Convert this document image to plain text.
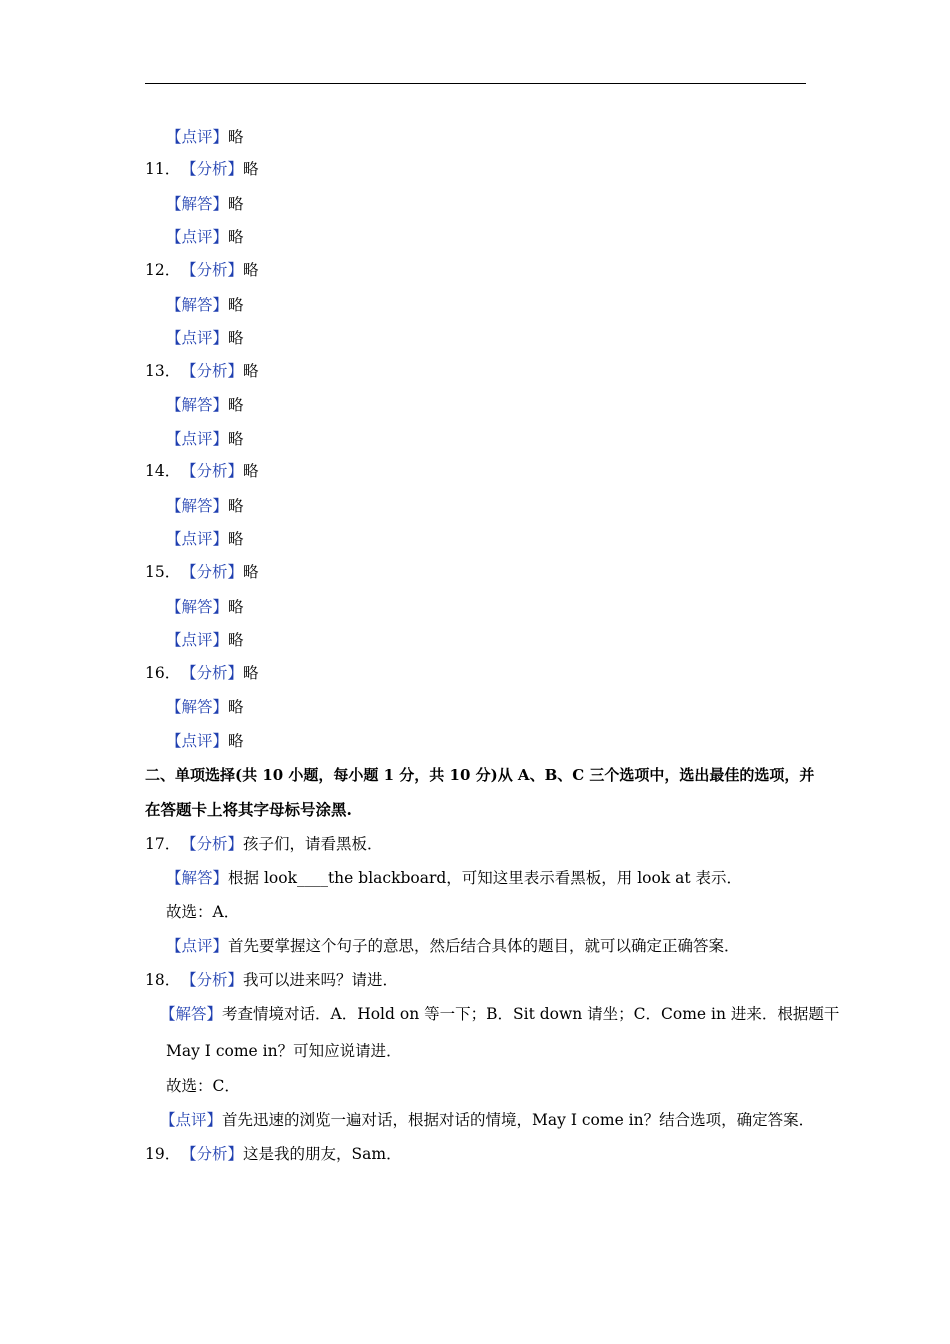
【点评】略
11．【分析】略
【解答】略
【点评】略
12．【分析】略
【解答】略
【点评】略
13．【分析】略
【解答】略
【点评】略
14．【分析】略
【解答】略
【点评】略
15．【分析】略
【解答】略
【点评】略
16．【分析】略
【解答】略
【点评】略
二、单项选择(共 10 小题，每小题 1 分，共 10 分)从 A、B、C 三个选项中，选出最佳的选项，并
在答题卡上将其字母标号涂黑.
17．【分析】孩子们，请看黑板．
【解答】根据 look____the blackboard，可知这里表示看黑板，用 look at 表示．
故选：A．
【点评】首先要掌握这个句子的意思，然后结合具体的题目，就可以确定正确答案．
18．【分析】我可以进来吗？请进．
【解答】考查情境对话．A．Hold on 等一下；B．Sit down 请坐；C．Come in 进来．根据题干
May I come in？可知应说请进．
故选：C．
【点评】首先迅速的浏览一遍对话，根据对话的情境，May I come in？结合选项，确定答案．
19．【分析】这是我的朋友，Sam．
